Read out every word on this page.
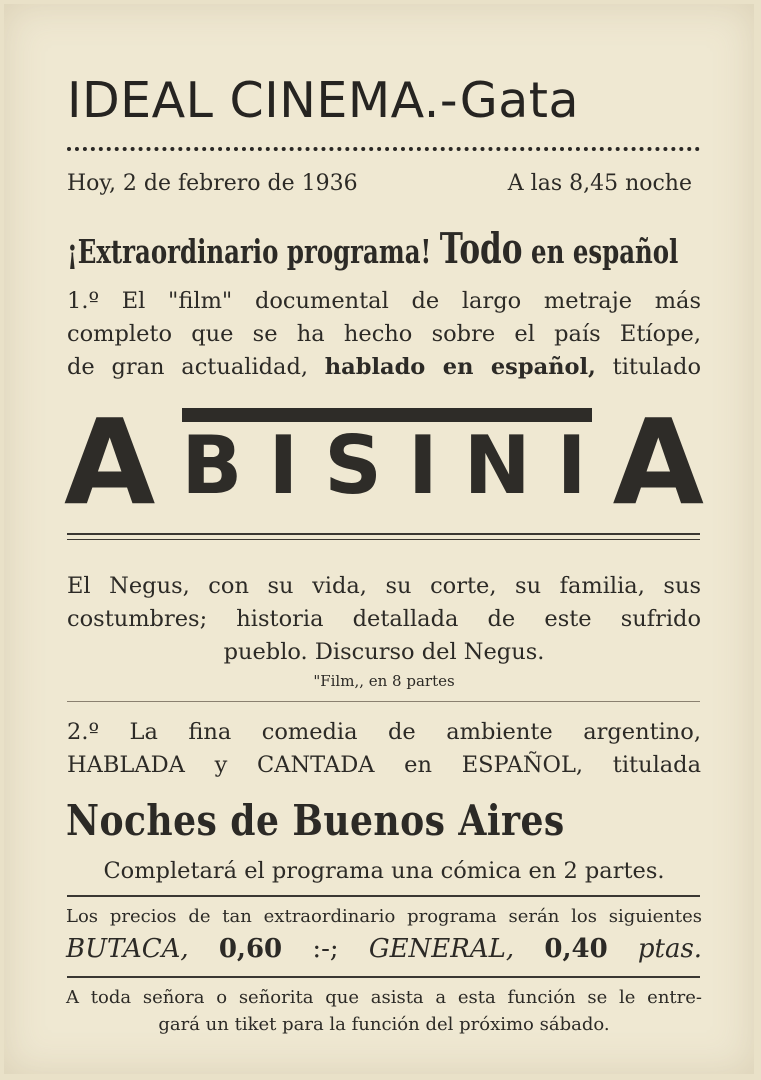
IDEAL CINEMA.-Gata
Hoy, 2 de febrero de 1936	A las 8,45 noche
¡Extraordinario programa! Todo en español
1.º El "film" documental de largo metraje más
completo que se ha hecho sobre el país Etíope,
de gran actualidad, hablado en español, titulado
A B I S I N I A
El Negus, con su vida, su corte, su familia, sus
costumbres; historia detallada de este sufrido
pueblo. Discurso del Negus.
"Film,, en 8 partes
2.º La fina comedia de ambiente argentino,
HABLADA y CANTADA en ESPAÑOL, titulada
Noches de Buenos Aires
Completará el programa una cómica en 2 partes.
Los precios de tan extraordinario programa serán los siguientes
BUTACA, 0,60 :-; GENERAL, 0,40 ptas.
A toda señora o señorita que asista a esta función se le entre-
gará un tiket para la función del próximo sábado.
